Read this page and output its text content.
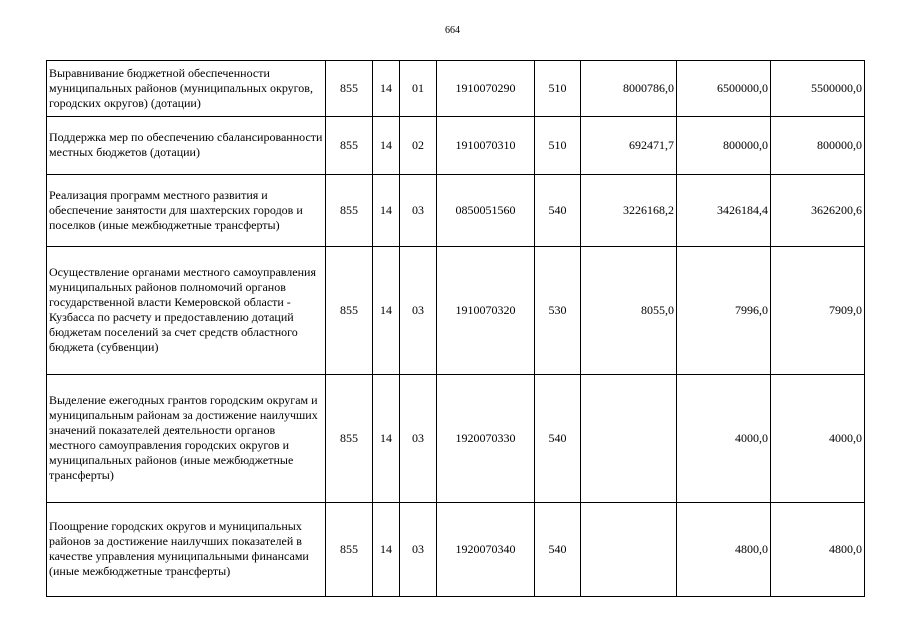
664
Выравнивание бюджетной обеспеченности муниципальных районов (муниципальных округов, городских округов) (дотации)	855	14	01	1910070290	510	8000786,0	6500000,0	5500000,0
Поддержка мер по обеспечению сбалансированности местных бюджетов (дотации)	855	14	02	1910070310	510	692471,7	800000,0	800000,0
Реализация программ местного развития и обеспечение занятости для шахтерских городов и поселков (иные межбюджетные трансферты)	855	14	03	0850051560	540	3226168,2	3426184,4	3626200,6
Осуществление органами местного самоуправления муниципальных районов полномочий органов государственной власти Кемеровской области - Кузбасса по расчету и предоставлению дотаций бюджетам поселений за счет средств областного бюджета (субвенции)	855	14	03	1910070320	530	8055,0	7996,0	7909,0
Выделение ежегодных грантов городским округам и муниципальным районам за достижение наилучших значений показателей деятельности органов местного самоуправления городских округов и муниципальных районов (иные межбюджетные трансферты)	855	14	03	1920070330	540		4000,0	4000,0
Поощрение городских округов и муниципальных районов за достижение наилучших показателей в качестве управления муниципальными финансами (иные межбюджетные трансферты)	855	14	03	1920070340	540		4800,0	4800,0
